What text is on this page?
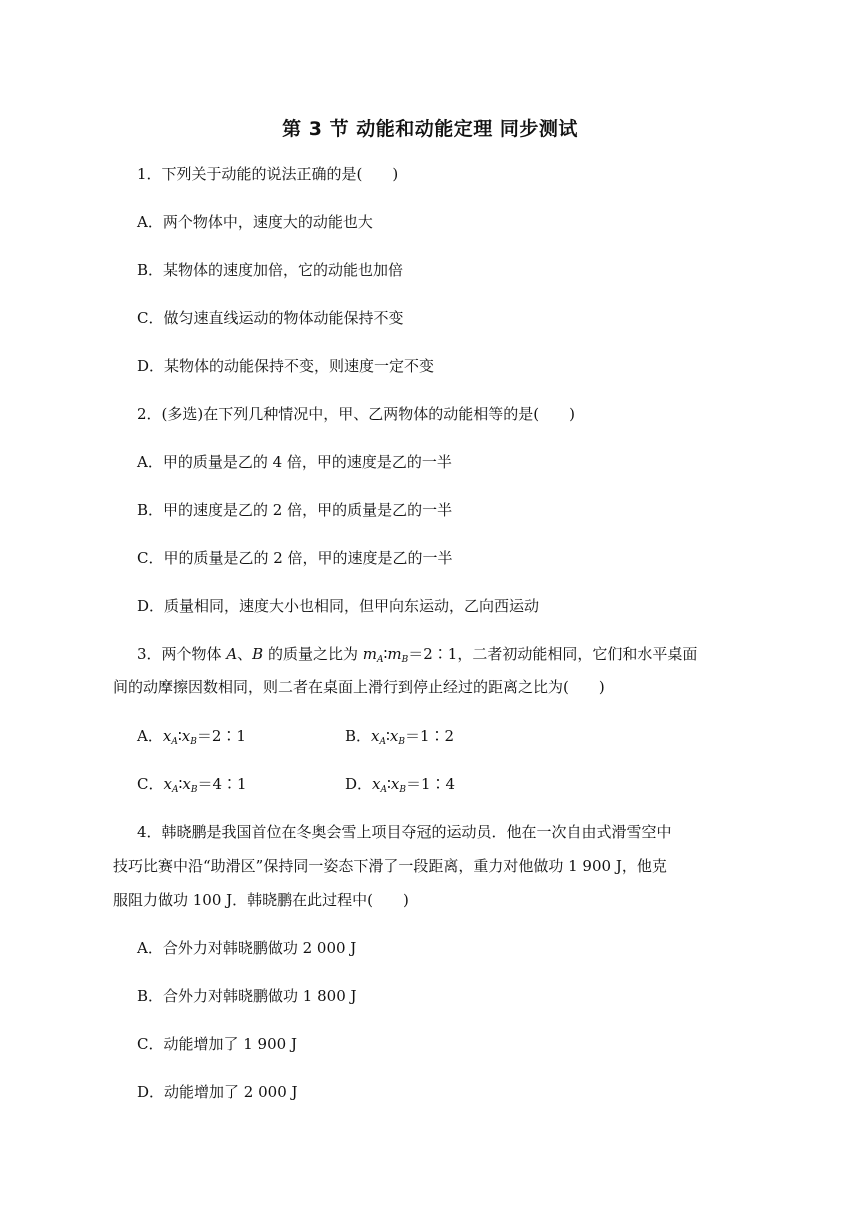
第 3 节 动能和动能定理 同步测试
1．下列关于动能的说法正确的是(　　)
A．两个物体中，速度大的动能也大
B．某物体的速度加倍，它的动能也加倍
C．做匀速直线运动的物体动能保持不变
D．某物体的动能保持不变，则速度一定不变
2．(多选)在下列几种情况中，甲、乙两物体的动能相等的是(　　)
A．甲的质量是乙的 4 倍，甲的速度是乙的一半
B．甲的速度是乙的 2 倍，甲的质量是乙的一半
C．甲的质量是乙的 2 倍，甲的速度是乙的一半
D．质量相同，速度大小也相同，但甲向东运动，乙向西运动
3．两个物体 A、B 的质量之比为 $m_A∶m_B=2∶1$，二者初动能相同，它们和水平桌面
间的动摩擦因数相同，则二者在桌面上滑行到停止经过的距离之比为(　　)
A．$x_A∶x_B=2∶1$	B．$x_A∶x_B=1∶2$
C．$x_A∶x_B=4∶1$	D．$x_A∶x_B=1∶4$
4．韩晓鹏是我国首位在冬奥会雪上项目夺冠的运动员．他在一次自由式滑雪空中
技巧比赛中沿“助滑区”保持同一姿态下滑了一段距离，重力对他做功 1 900 J，他克
服阻力做功 100 J．韩晓鹏在此过程中(　　)
A．合外力对韩晓鹏做功 2 000 J
B．合外力对韩晓鹏做功 1 800 J
C．动能增加了 1 900 J
D．动能增加了 2 000 J
